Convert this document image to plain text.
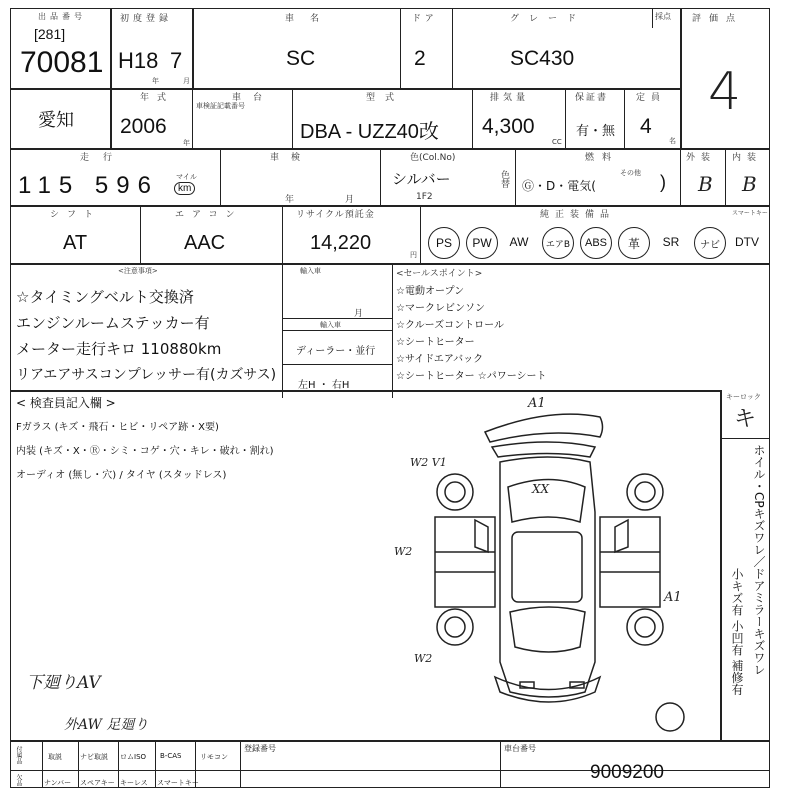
出品番号
[281]
70081
初度登録
H18 7
年	月
車名
SC
ドア
2
グレード
SC430
採点 評価点
4
愛知
年式
2006
年
車台
車検証記載番号
型式
DBA - UZZ40改
排気量
4,300
CC
保証書
有・無
定員
4
名
走行
115 596 マイル
km
車検
年	月
色(Col.No)
シルバー
1F2
色替
燃料
Ⓖ・D・電気(
その他 )
外装
B
内装
B
シフト
AT
エアコン
AAC
リサイクル預託金
14,220
円
純正装備品	スマートキー
PS	PW	AW	エアB	ABS	革	SR	ナビ	DTV
<注意事項>
☆タイミングベルト交換済
エンジンルームステッカー有
メーター走行キロ 110880km
リアエアサスコンプレッサー有(カズサス)
輸入車
月
輸入車
ディーラー・並行
左H ・ 右H
<セールスポイント>
☆電動オープン
☆マークレビンソン
☆クルーズコントロール
☆シートヒーター
☆サイドエアバック
☆シートヒーター ☆パワーシート
< 検査員記入欄 >
Fガラス (キズ・飛石・ヒビ・リペア跡・X要)
内装 (キズ・X・Ⓡ・シミ・コゲ・穴・キレ・破れ・割れ)
オーディオ (無し・穴) / タイヤ (スタッドレス)
下廻りAV
外AW 足廻り
A1
W2 V1
XX
W2
A1
W2
キーロック
キ
ホイル・CPキズワレ／ドアミラーキズワレ
小キズ有 小凹有 補修有
付属品
欠品
取説	ナビ取説 ロムISO B-CAS	リモコン
ナンバー スペアキー キーレス スマートキー
登録番号	車台番号
9009200
